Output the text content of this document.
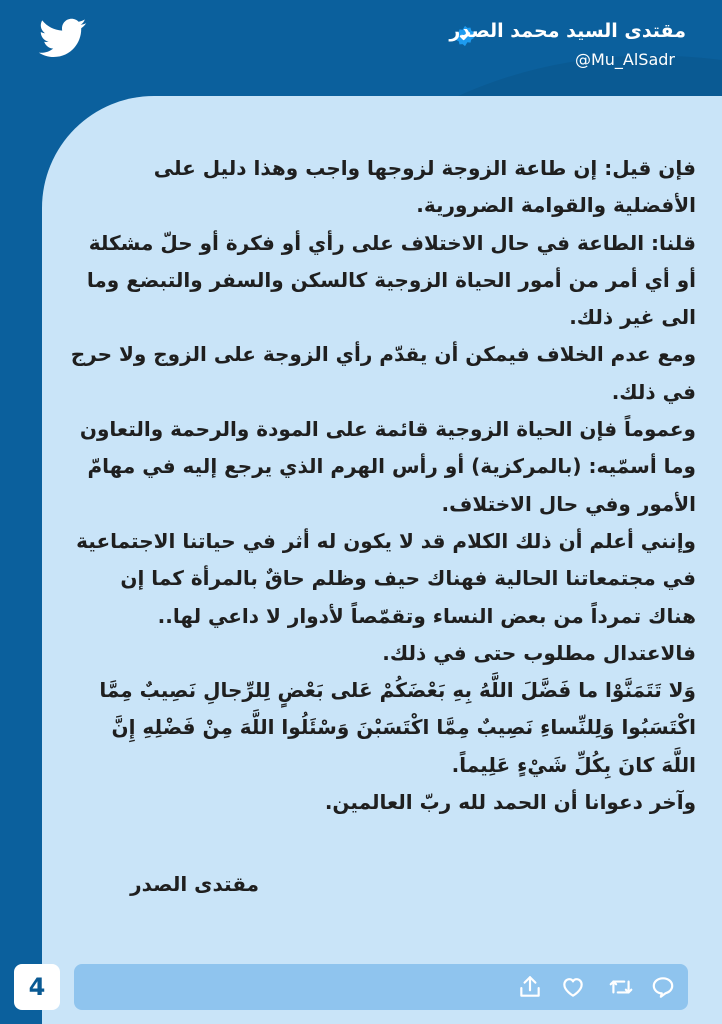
مقتدى السيد محمد الصدر
@Mu_AlSadr

فإن قيل: إن طاعة الزوجة لزوجها واجب وهذا دليل على الأفضلية والقوامة الضرورية.

قلنا: الطاعة في حال الاختلاف على رأي أو فكرة أو حلّ مشكلة أو أي أمر من أمور الحياة الزوجية كالسكن والسفر والتبضع وما الى غير ذلك.

ومع عدم الخلاف فيمكن أن يقدّم رأي الزوجة على الزوج ولا حرج في ذلك.

وعموماً فإن الحياة الزوجية قائمة على المودة والرحمة والتعاون وما أسمّيه: (بالمركزية) أو رأس الهرم الذي يرجع إليه في مهامّ الأمور وفي حال الاختلاف.

وإنني أعلم أن ذلك الكلام قد لا يكون له أثر في حياتنا الاجتماعية في مجتمعاتنا الحالية فهناك حيف وظلم حاقٌ بالمرأة كما إن هناك تمرداً من بعض النساء وتقمّصاً لأدوار لا داعي لها.. فالاعتدال مطلوب حتى في ذلك.

وَلا تَتَمَنَّوْا ما فَضَّلَ اللَّهُ بِهِ بَعْضَكُمْ عَلى بَعْضٍ لِلرِّجالِ نَصِيبٌ مِمَّا اكْتَسَبُوا وَلِلنِّساءِ نَصِيبٌ مِمَّا اكْتَسَبْنَ وَسْئَلُوا اللَّهَ مِنْ فَضْلِهِ إِنَّ اللَّهَ كانَ بِكُلِّ شَيْءٍ عَلِيماً.

وآخر دعوانا أن الحمد لله ربّ العالمين.

مقتدى الصدر
4
